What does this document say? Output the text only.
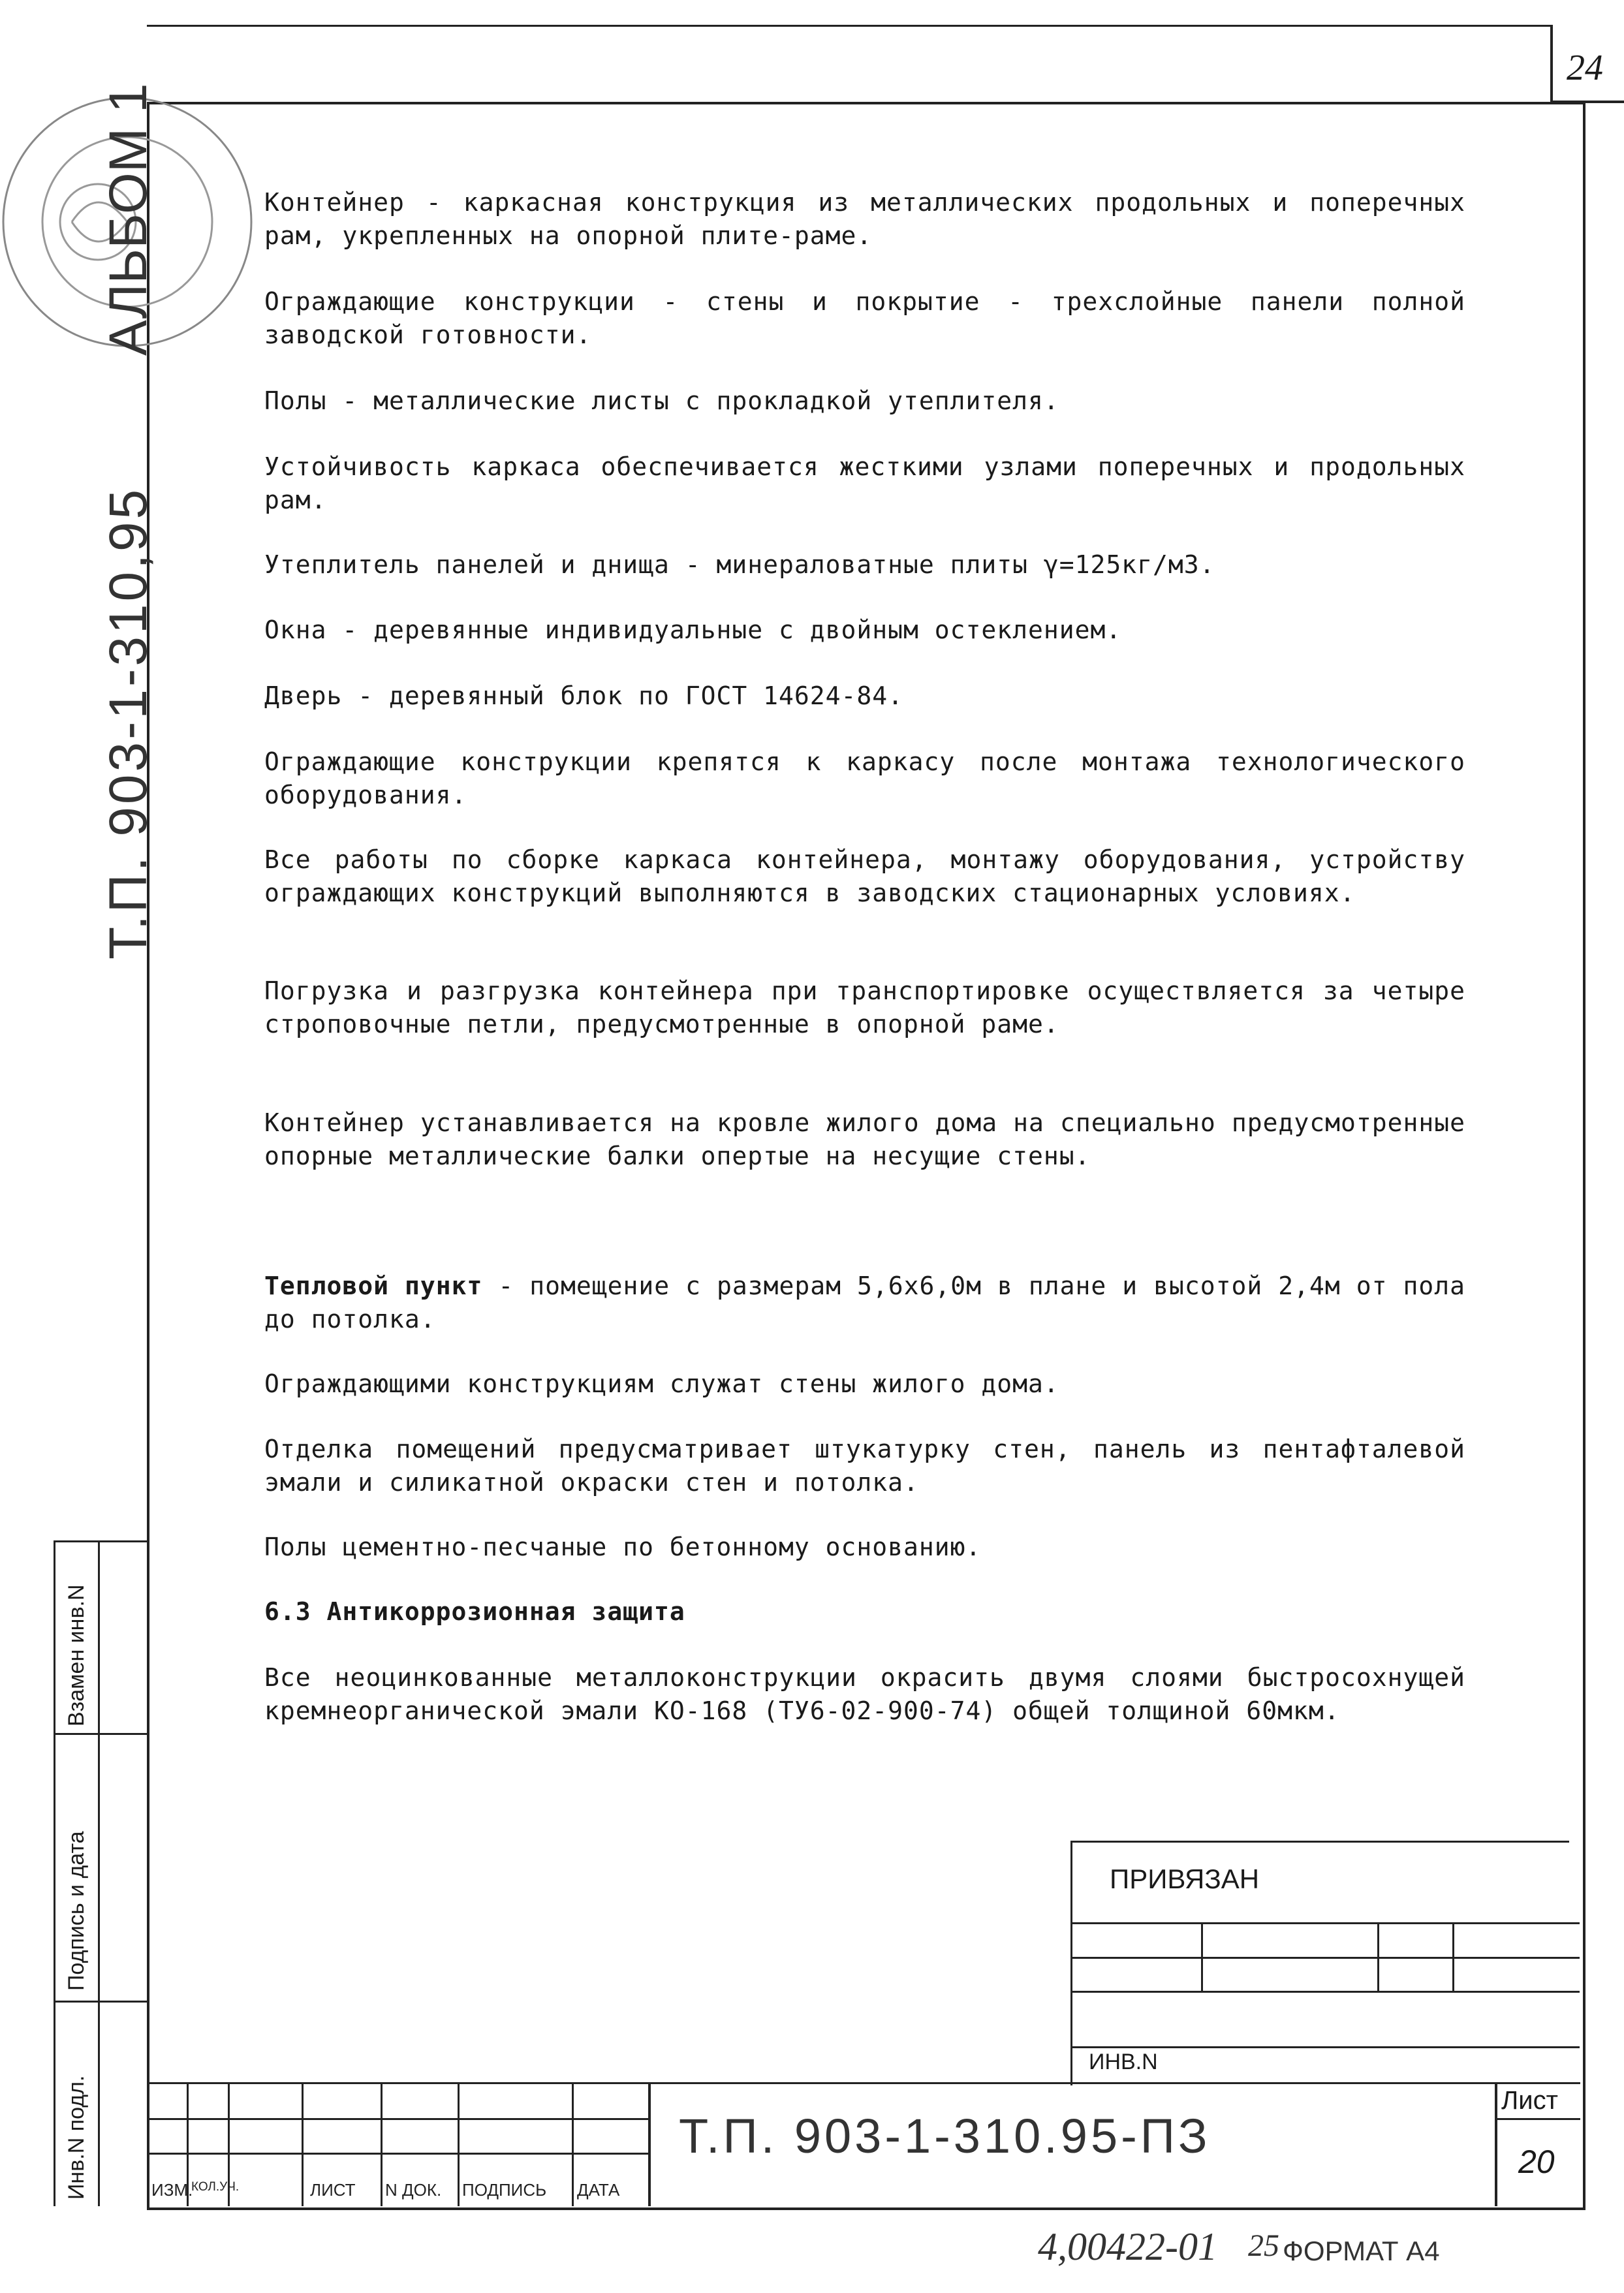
24
АЛЬБОМ 1
Т.П. 903-1-310,95
Контейнер - каркасная конструкция из металлических продольных и поперечных рам, укрепленных на опорной плите-раме.
Ограждающие конструкции - стены и покрытие - трехслойные панели полной заводской готовности.
Полы - металлические листы с прокладкой утеплителя.
Устойчивость каркаса обеспечивается жесткими узлами поперечных и продольных рам.
Утеплитель панелей и днища - минераловатные плиты γ=125кг/м3.
Окна - деревянные индивидуальные с двойным остеклением.
Дверь - деревянный блок по ГОСТ 14624-84.
Ограждающие конструкции крепятся к каркасу после монтажа технологического оборудования.
Все работы по сборке каркаса контейнера, монтажу оборудования, устройству ограждающих конструкций выполняются в заводских стационарных условиях.
Погрузка и разгрузка контейнера при транспортировке осуществляется за четыре строповочные петли, предусмотренные в опорной раме.
Контейнер устанавливается на кровле жилого дома на специально предусмотренные опорные металлические балки опертые на несущие стены.
Тепловой пункт - помещение с размерам 5,6x6,0м в плане и высотой 2,4м от пола до потолка.
Ограждающими конструкциям служат стены жилого дома.
Отделка помещений предусматривает штукатурку стен, панель из пентафталевой эмали и силикатной окраски стен и потолка.
Полы цементно-песчаные по бетонному основанию.
6.3 Антикоррозионная защита
Все неоцинкованные металлоконструкции окрасить двумя слоями быстросохнущей кремнеорганической эмали КО-168 (ТУ6-02-900-74) общей толщиной 60мкм.
Взамен инв.N
Подпись и дата
Инв.N подл.
ПРИВЯЗАН
ИНВ.N
ИЗМ.
КОЛ.УЧ.	ЛИСТ N ДОК. ПОДПИСЬ ДАТА
Т.П. 903-1-310.95-ПЗ
Лист
20
4,00422-01 25 ФОРМАТ А4
